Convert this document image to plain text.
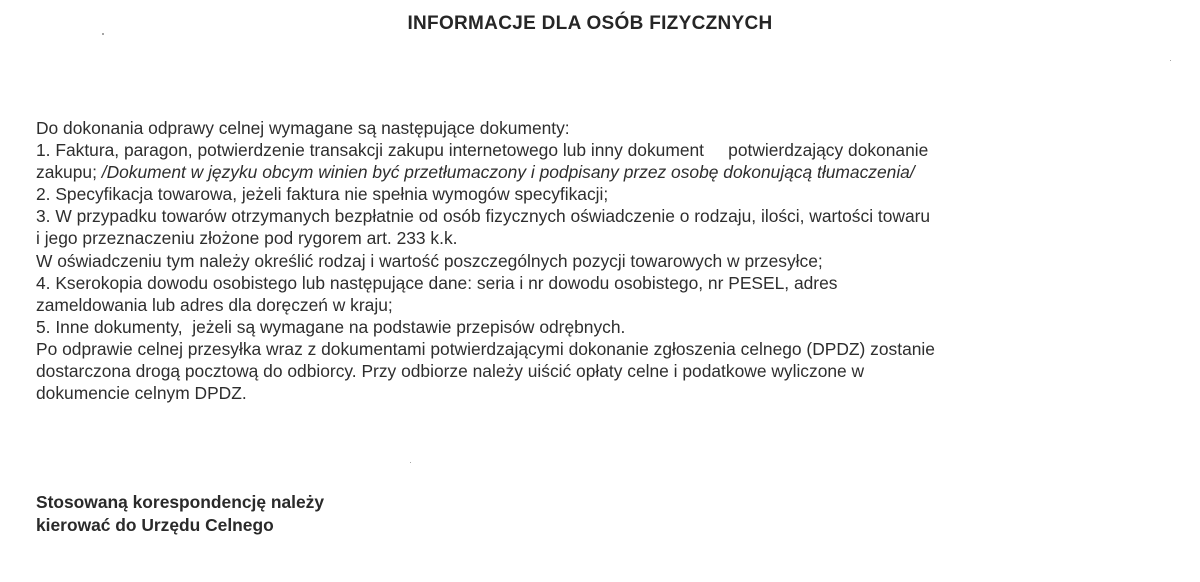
INFORMACJE DLA OSÓB FIZYCZNYCH
Do dokonania odprawy celnej wymagane są następujące dokumenty:
1. Faktura, paragon, potwierdzenie transakcji zakupu internetowego lub inny dokument     potwierdzający dokonanie
zakupu; /Dokument w języku obcym winien być przetłumaczony i podpisany przez osobę dokonującą tłumaczenia/
2. Specyfikacja towarowa, jeżeli faktura nie spełnia wymogów specyfikacji;
3. W przypadku towarów otrzymanych bezpłatnie od osób fizycznych oświadczenie o rodzaju, ilości, wartości towaru
i jego przeznaczeniu złożone pod rygorem art. 233 k.k.
W oświadczeniu tym należy określić rodzaj i wartość poszczególnych pozycji towarowych w przesyłce;
4. Kserokopia dowodu osobistego lub następujące dane: seria i nr dowodu osobistego, nr PESEL, adres
zameldowania lub adres dla doręczeń w kraju;
5. Inne dokumenty,  jeżeli są wymagane na podstawie przepisów odrębnych.
Po odprawie celnej przesyłka wraz z dokumentami potwierdzającymi dokonanie zgłoszenia celnego (DPDZ) zostanie
dostarczona drogą pocztową do odbiorcy. Przy odbiorze należy uiścić opłaty celne i podatkowe wyliczone w
dokumencie celnym DPDZ.
Stosowaną korespondencję należy
kierować do Urzędu Celnego
